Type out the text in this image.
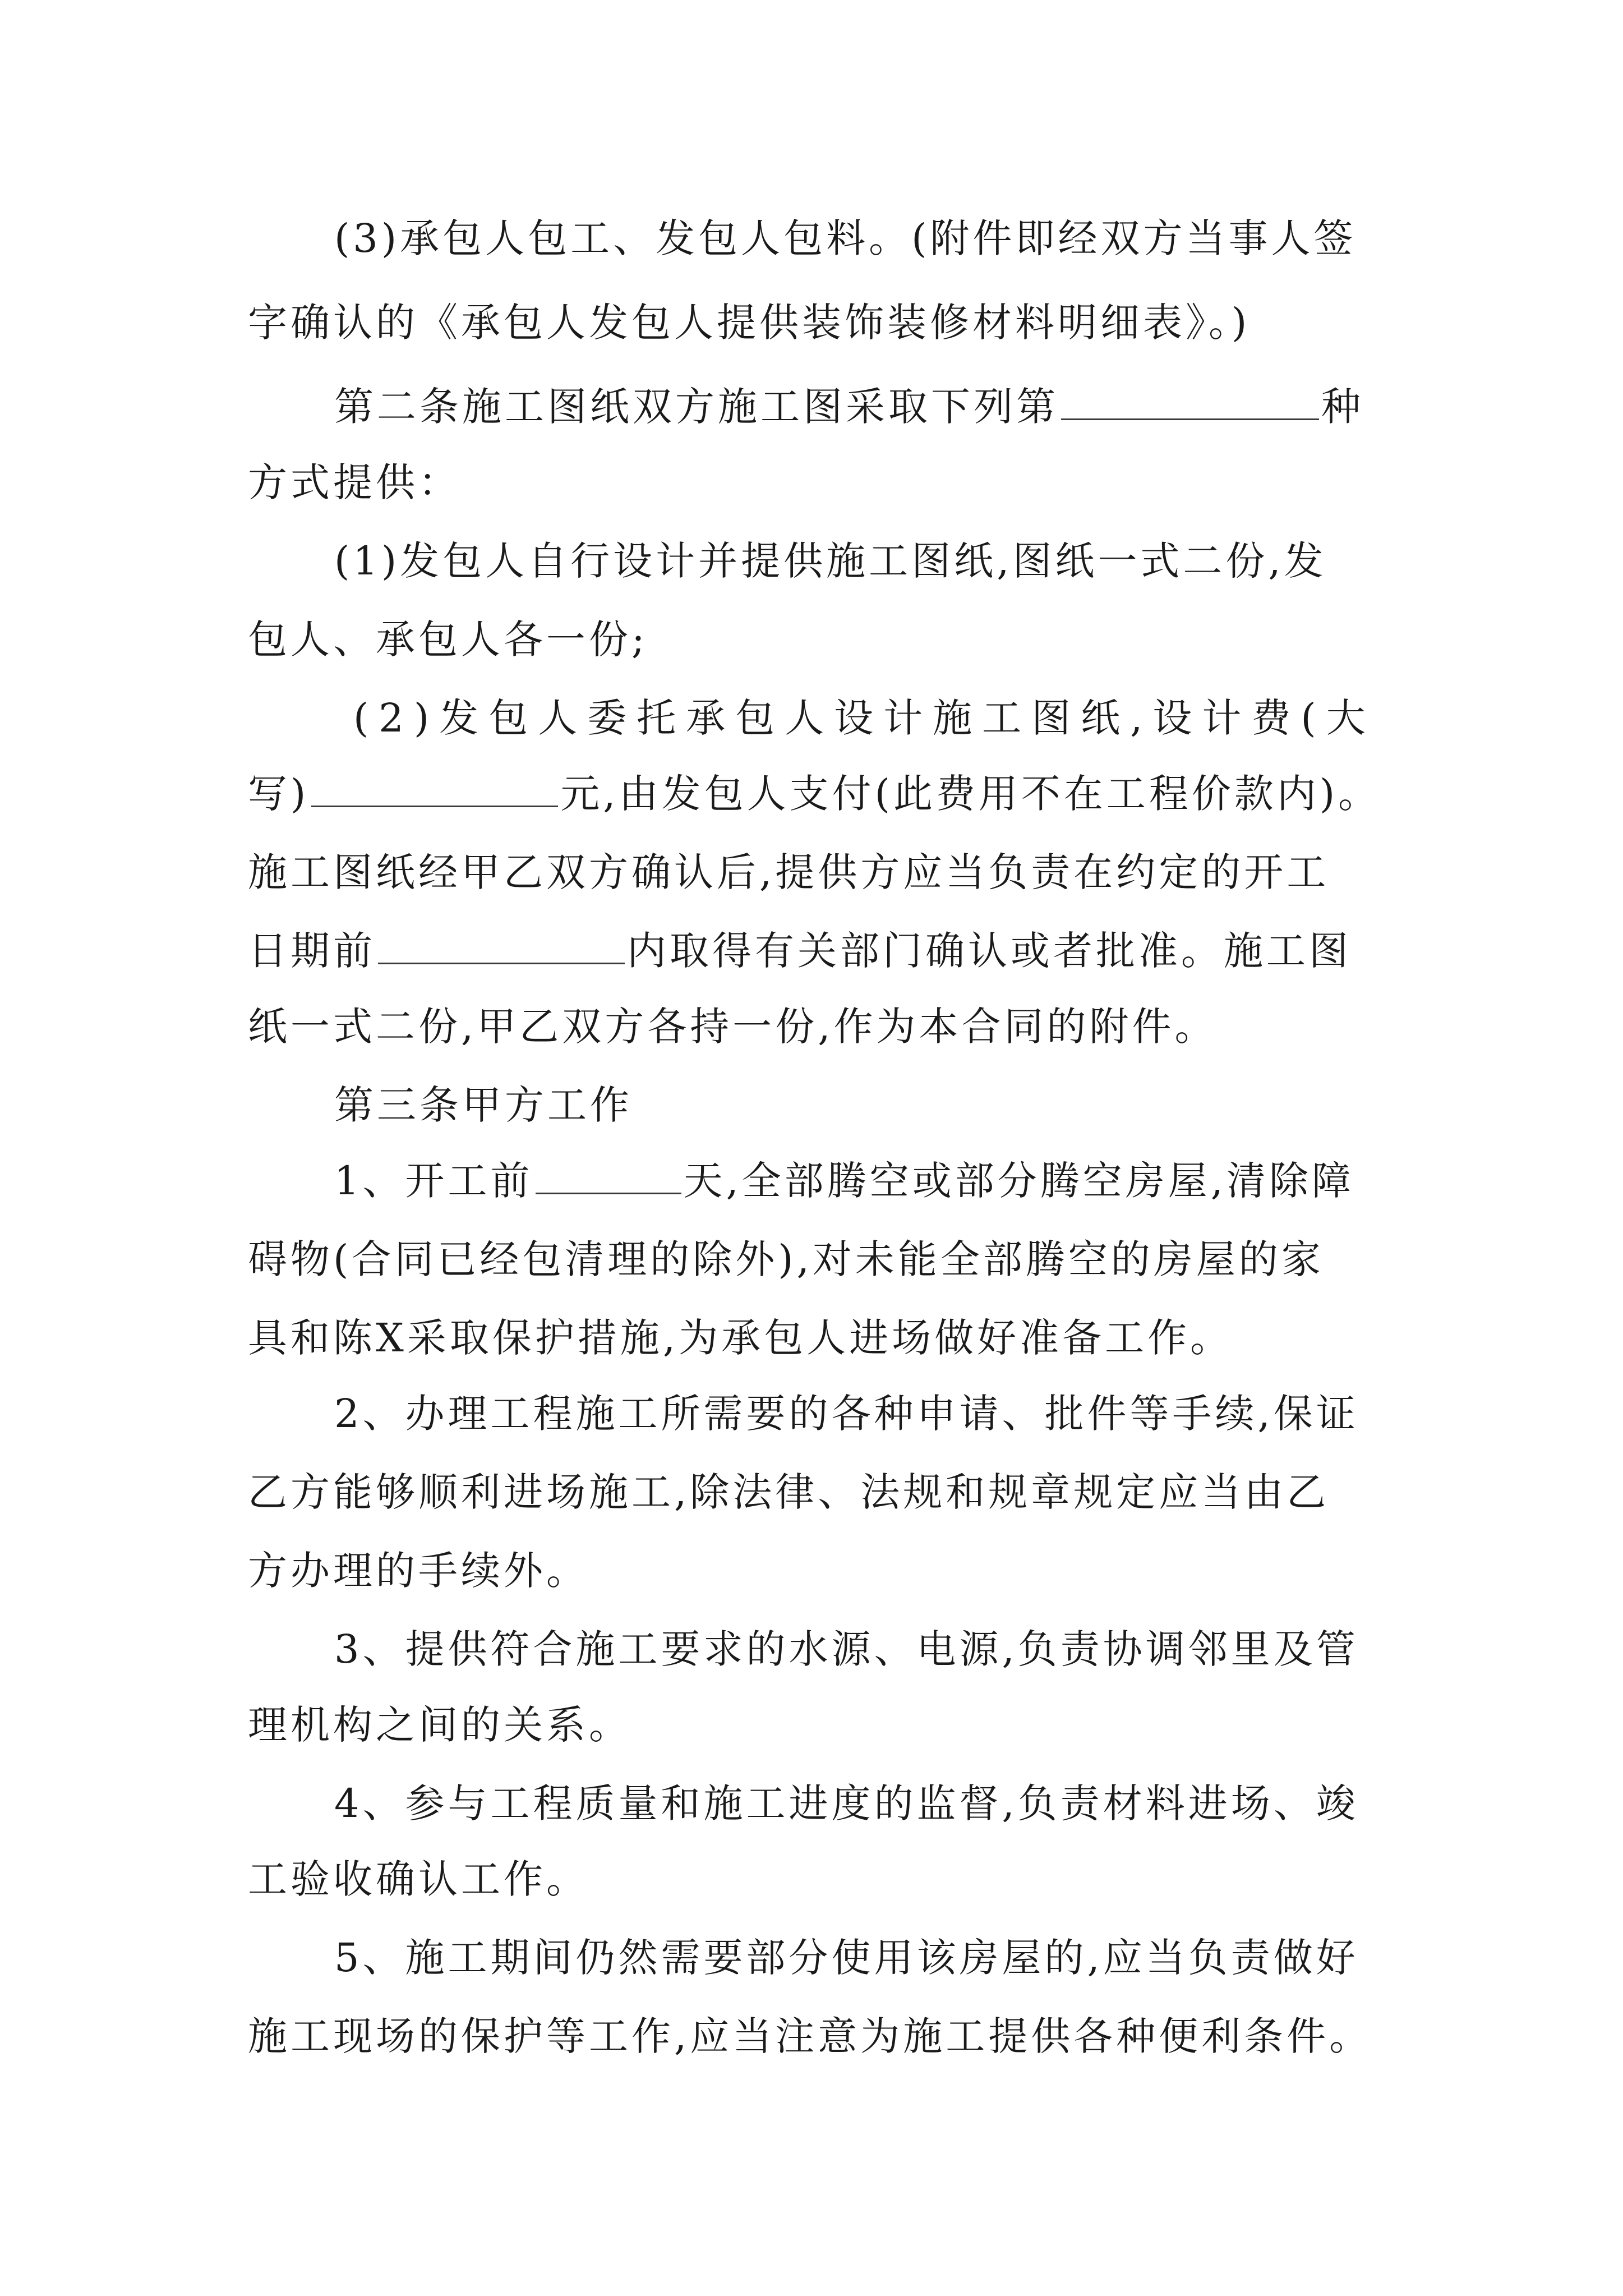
(3)承包人包工、发包人包料。(附件即经双方当事人签
字确认的《承包人发包人提供装饰装修材料明细表》。)
第二条施工图纸双方施工图采取下列第	种
方式提供：
(1)发包人自行设计并提供施工图纸,图纸一式二份,发
包人、承包人各一份;
(2)发包人委托承包人设计施工图纸,设计费(大
写)	元,由发包人支付(此费用不在工程价款内)。
施工图纸经甲乙双方确认后,提供方应当负责在约定的开工
日期前	内取得有关部门确认或者批准。施工图
纸一式二份,甲乙双方各持一份,作为本合同的附件。
第三条甲方工作
1、开工前	天,全部腾空或部分腾空房屋,清除障
碍物(合同已经包清理的除外),对未能全部腾空的房屋的家
具和陈X采取保护措施,为承包人进场做好准备工作。
2、办理工程施工所需要的各种申请、批件等手续,保证
乙方能够顺利进场施工,除法律、法规和规章规定应当由乙
方办理的手续外。
3、提供符合施工要求的水源、电源,负责协调邻里及管
理机构之间的关系。
4、参与工程质量和施工进度的监督,负责材料进场、竣
工验收确认工作。
5、施工期间仍然需要部分使用该房屋的,应当负责做好
施工现场的保护等工作,应当注意为施工提供各种便利条件。
